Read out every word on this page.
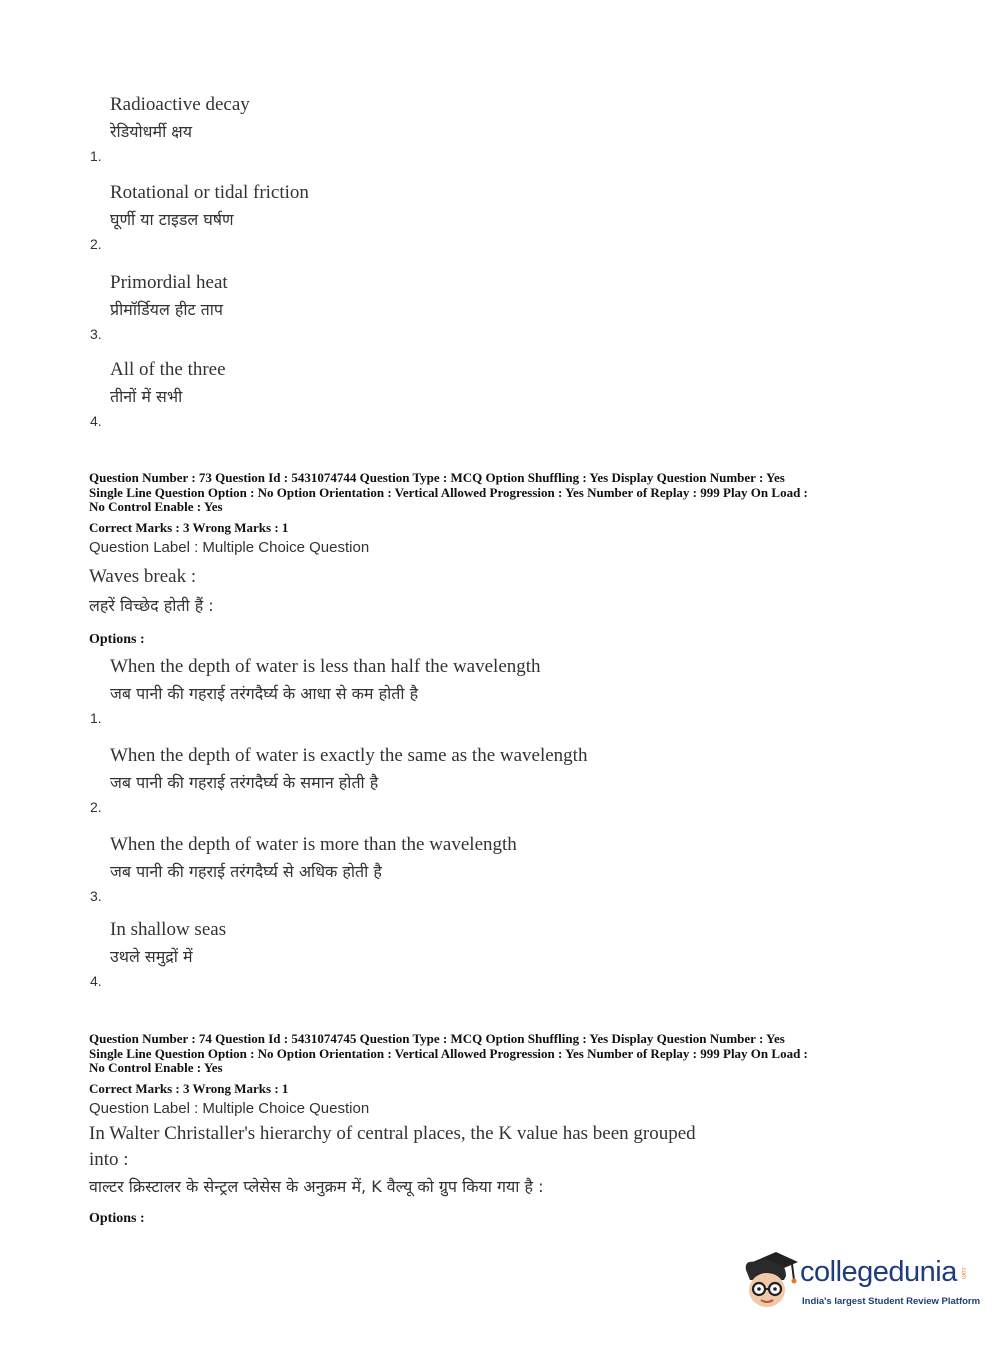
Radioactive decay
रेडियोधर्मी क्षय
1.
Rotational or tidal friction
घूर्णी या टाइडल घर्षण
2.
Primordial heat
प्रीमॉर्डियल हीट ताप
3.
All of the three
तीनों में सभी
4.
Question Number : 73 Question Id : 5431074744 Question Type : MCQ Option Shuffling : Yes Display Question Number : Yes
Single Line Question Option : No Option Orientation : Vertical Allowed Progression : Yes Number of Replay : 999 Play On Load :
No Control Enable : Yes
Correct Marks : 3 Wrong Marks : 1
Question Label : Multiple Choice Question
Waves break :
लहरें विच्छेद होती हैं :
Options :
When the depth of water is less than half the wavelength
जब पानी की गहराई तरंगदैर्घ्य के आधा से कम होती है
1.
When the depth of water is exactly the same as the wavelength
जब पानी की गहराई तरंगदैर्घ्य के समान होती है
2.
When the depth of water is more than the wavelength
जब पानी की गहराई तरंगदैर्घ्य से अधिक होती है
3.
In shallow seas
उथले समुद्रों में
4.
Question Number : 74 Question Id : 5431074745 Question Type : MCQ Option Shuffling : Yes Display Question Number : Yes
Single Line Question Option : No Option Orientation : Vertical Allowed Progression : Yes Number of Replay : 999 Play On Load :
No Control Enable : Yes
Correct Marks : 3 Wrong Marks : 1
Question Label : Multiple Choice Question
In Walter Christaller's hierarchy of central places, the K value has been grouped
into :
वाल्टर क्रिस्टालर के सेन्ट्रल प्लेसेस के अनुक्रम में, K वैल्यू को ग्रुप किया गया है :
Options :
collegedunia .com
India's largest Student Review Platform
